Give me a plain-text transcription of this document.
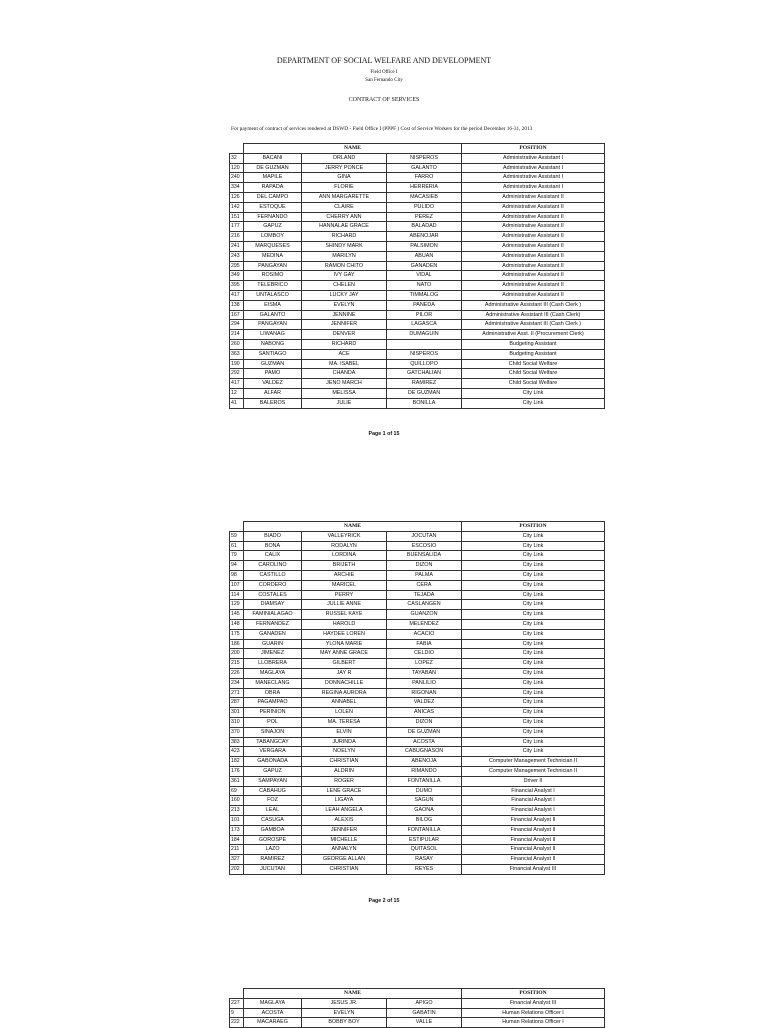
DEPARTMENT OF SOCIAL WELFARE AND DEVELOPMENT
Field Office I
San Fernando City
CONTRACT OF SERVICES
For payment of contract of services rendered at DSWD - Field Office I (PPPF ) Cost of Service Workers for the period December 16-31, 2013
	NAME			POSITION
32	BACANI	ORLAND	NISPEROS	Administrative Assistant I
120	DE GUZMAN	JERRY PONCE	GALANTO	Administrative Assistant I
240	MAPILE	GINA	FARRO	Administrative Assistant I
334	RAPADA	FLORIE	HERRERIA	Administrative Assistant I
126	DEL CAMPO	ANN MARGARETTE	MACASIEB	Administrative Assistant II
142	ESTOQUE	CLAIRE	PULIDO	Administrative Assistant II
151	FERNANDO	CHERRY ANN	PEREZ	Administrative Assistant II
177	GAPUZ	HANNALAE GRACE	BALADAD	Administrative Assistant II
216	LOMBOY	RICHARD	ABENOJAR	Administrative Assistant II
241	MARQUESES	SHINDY MARK	PALSIMON	Administrative Assistant II
243	MEDINA	MARILYN	ABUAN	Administrative Assistant II
295	PANGAYAN	RAMON CHITO	GANADEN	Administrative Assistant II
349	ROSIMO	IVY GAY	VIDAL	Administrative Assistant II
395	TELEBRICO	CHELEN	NATO	Administrative Assistant II
417	UNTALASCO	LUCKY JAY	TIMMALOG	Administrative Assistant II
138	EISMA	EVELYN	PANEDA	Administrative Assistant III (Cash Clerk )
167	GALANTO	JENNINE	PILOR	Administrative Assistant III (Cash Clerk)
294	PANGAYAN	JENNIFER	LAGASCA	Administrative Assistant III (Cash Clerk )
214	LIWANAG	DENVER	DUMAGUIN	Administrative Asst. II (Procurement Clerk)
260	NABONG	RICHARD		Budgeting Assistant
363	SANTIAGO	ACE	NISPEROS	Budgeting Assistant
190	GUZMAN	MA. ISABEL	QUILLOPO	Child Social Welfare
292	PAMO	CHANDA	GATCHALIAN	Child Social Welfare
417	VALDEZ	JENO MARCH	RAMIREZ	Child Social Welfare
12	ALFAR	MELISSA	DE GUZMAN	City Link
41	BALEROS	JULIE	BONILLA	City Link
Page 1 of 15
	NAME			POSITION
59	BIADO	VALLEYRICK	JOCUTAN	City Link
61	BONA	RODALYN	ESCOSIO	City Link
79	CALIX	LORDINA	BUENSALIDA	City Link
94	CAROLINO	BRIJETH	DIZON	City Link
98	CASTILLO	ARCHIE	PALMA	City Link
107	CORDERO	MARICEL	CERA	City Link
114	COSTALES	PERRY	TEJADA	City Link
129	DIAMSAY	JULLIE ANNE	CASLANGEN	City Link
145	FAMINIALAGAO	RUSSEL KAYE	GUANZON	City Link
148	FERNANDEZ	HAROLD	MELENDEZ	City Link
175	GANADEN	HAYDEE LOREN	ACACIO	City Link
186	GUARIN	YLONA MARIE	FABIA	City Link
200	JIMENEZ	MAY ANNE GRACE	CELDIO	City Link
215	LLOBRERA	GILBERT	LOPEZ	City Link
226	MAGLAYA	JAY R	TAYABAN	City Link
234	MANECLANG	DONNACHILLE	PANLILIO	City Link
271	OBRA	REGINA AURORA	RIGONAN	City Link
287	PAGAMPAO	ANNABEL	VALDEZ	City Link
301	PERINION	LOLEN	ANICAS	City Link
310	POL	MA. TERESA	DIZON	City Link
370	SINAJON	ELVIN	DE GUZMAN	City Link
383	TABANGCAY	JURINDA	ACOSTA	City Link
423	VERGARA	NOELYN	CABUGNASON	City Link
182	GABONADA	CHRISTIAN	ABENOJA	Computer Management Technician II
176	GAPUZ	ALDRIN	RIMANDO	Computer Management Technician II
361	SAMPAYAN	ROGER	FONTANILLA	Driver II
69	CABAHUG	LENE GRACE	DUMO	Financial Analyst I
160	FOZ	LIGAYA	SAGUN	Financial Analyst I
213	LEAL	LEAH ANGELA	GAONA	Financial Analyst I
101	CASUGA	ALEXIS	BILOG	Financial Analyst II
173	GAMBOA	JENNIFER	FONTANILLA	Financial Analyst II
184	GOROSPE	MICHELLE	ESTIPULAR	Financial Analyst II
211	LAZO	ANNALYN	QUITASOL	Financial Analyst II
327	RAMIREZ	GEORGE ALLAN	RASAY	Financial Analyst II
202	JUCUTAN	CHRISTIAN	REYES	Financial Analyst III
Page 2 of 15
	NAME			POSITION
227	MAGLAYA	JESUS JR.	APIGO	Financial Analyst III
9	ACOSTA	EVELYN	GABATIN	Human Relations Officer I
222	MACARAEG	BOBBY BOY	VALLE	Human Relations Officer I
